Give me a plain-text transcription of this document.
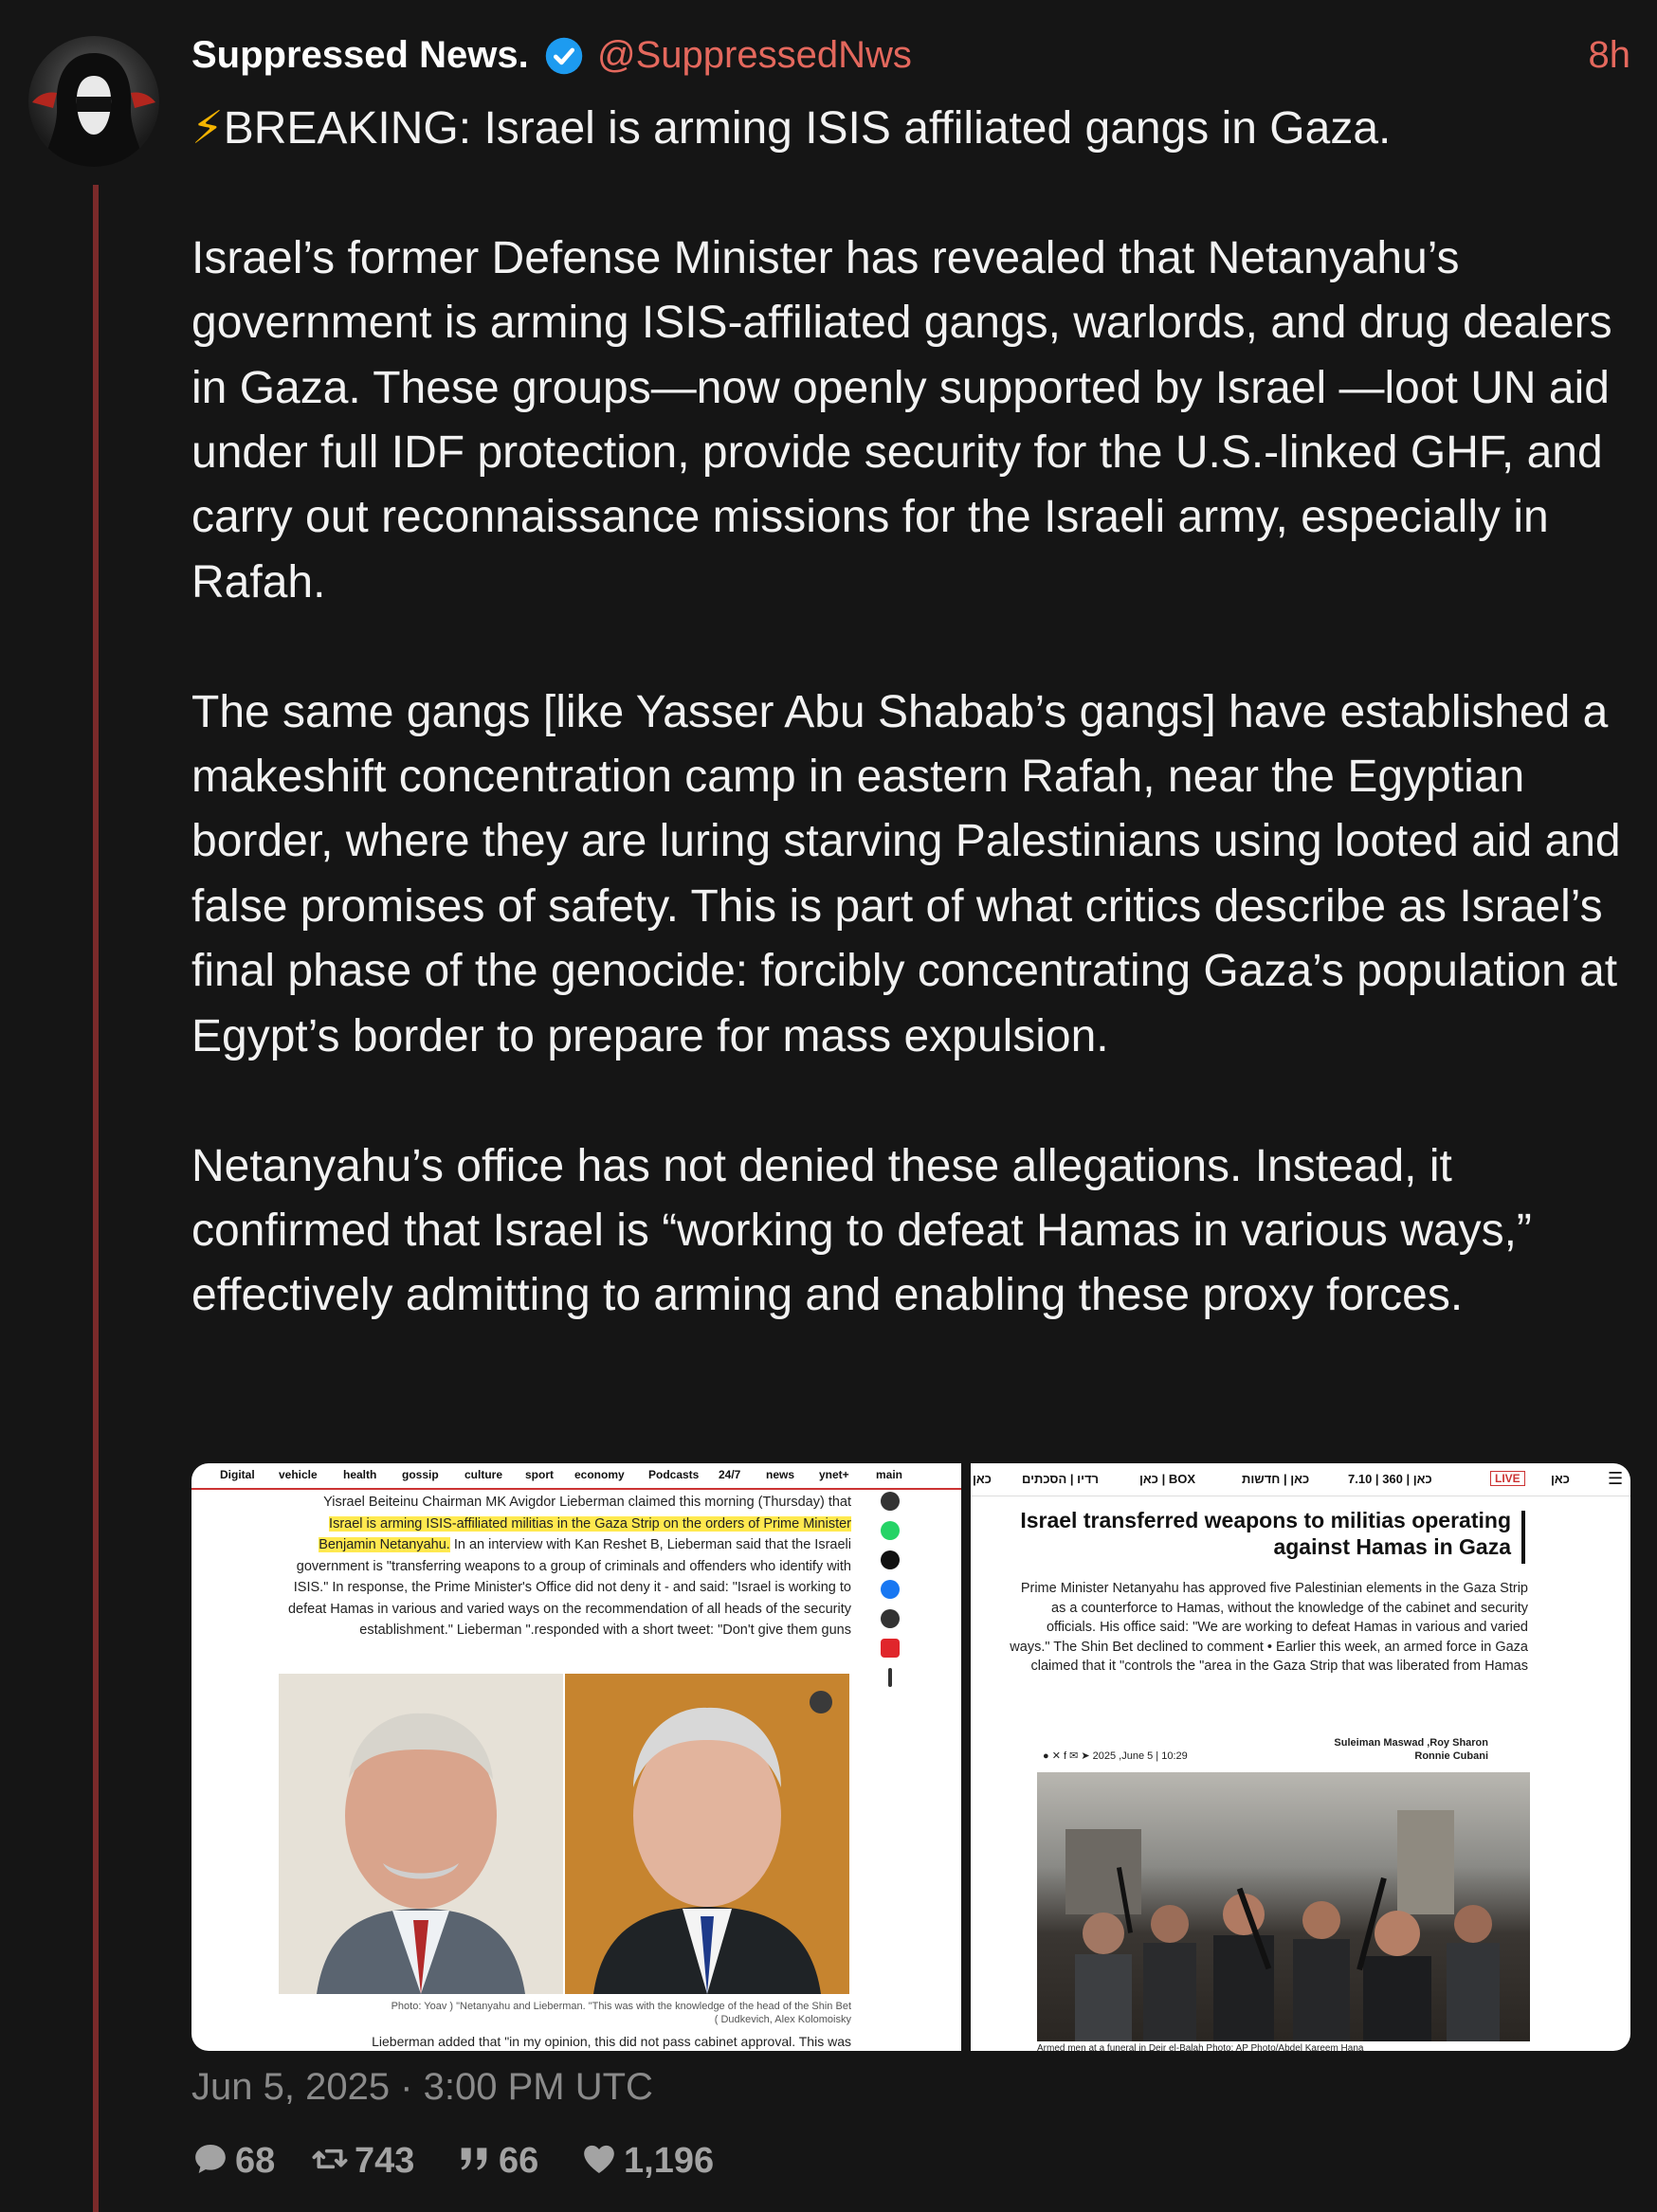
Suppressed News. @SuppressedNws	8h
⚡BREAKING: Israel is arming ISIS affiliated gangs in Gaza.

Israel’s former Defense Minister has revealed that Netanyahu’s government is arming ISIS-affiliated gangs, warlords, and drug dealers in Gaza. These groups—now openly supported by Israel —loot UN aid under full IDF protection, provide security for the U.S.-linked GHF, and carry out reconnaissance missions for the Israeli army, especially in Rafah.

The same gangs [like Yasser Abu Shabab’s gangs] have established a makeshift concentration camp in eastern Rafah, near the Egyptian border, where they are luring starving Palestinians using looted aid and false promises of safety. This is part of what critics describe as Israel’s final phase of the genocide: forcibly concentrating Gaza’s population at Egypt’s border to prepare for mass expulsion.

Netanyahu’s office has not denied these allegations. Instead, it confirmed that Israel is “working to defeat Hamas in various ways,” effectively admitting to arming and enabling these proxy forces.
Digital vehicle health gossip culture sport economy Podcasts 24/7 news ynet+ main
Yisrael Beiteinu Chairman MK Avigdor Lieberman claimed this morning (Thursday) that Israel is arming ISIS-affiliated militias in the Gaza Strip on the orders of Prime Minister Benjamin Netanyahu. In an interview with Kan Reshet B, Lieberman said that the Israeli government is "transferring weapons to a group of criminals and offenders who identify with ISIS." In response, the Prime Minister's Office did not deny it - and said: "Israel is working to defeat Hamas in various and varied ways on the recommendation of all heads of the security establishment." Lieberman ".responded with a short tweet: "Don't give them guns
Photo: Yoav ) "Netanyahu and Lieberman. "This was with the knowledge of the head of the Shin Bet
( Dudkevich, Alex Kolomoisky
Lieberman added that "in my opinion, this did not pass cabinet approval. This was
כאן רדיו | הסכתים	כאן | BOX	כאן | חדשות	כאן | 360 | 7.10	LIVE	כאן ☰
Israel transferred weapons to militias operating against Hamas in Gaza
Prime Minister Netanyahu has approved five Palestinian elements in the Gaza Strip as a counterforce to Hamas, without the knowledge of the cabinet and security officials. His office said: "We are working to defeat Hamas in various and varied ways." The Shin Bet declined to comment • Earlier this week, an armed force in Gaza claimed that it "controls the "area in the Gaza Strip that was liberated from Hamas
Suleiman Maswad ,Roy Sharon
Ronnie Cubani
● ✕ f ✉ ➤ 2025 ,June 5 | 10:29
Armed men at a funeral in Deir el-Balah Photo: AP Photo/Abdel Kareem Hana
Jun 5, 2025 · 3:00 PM UTC
68	743	66	1,196
